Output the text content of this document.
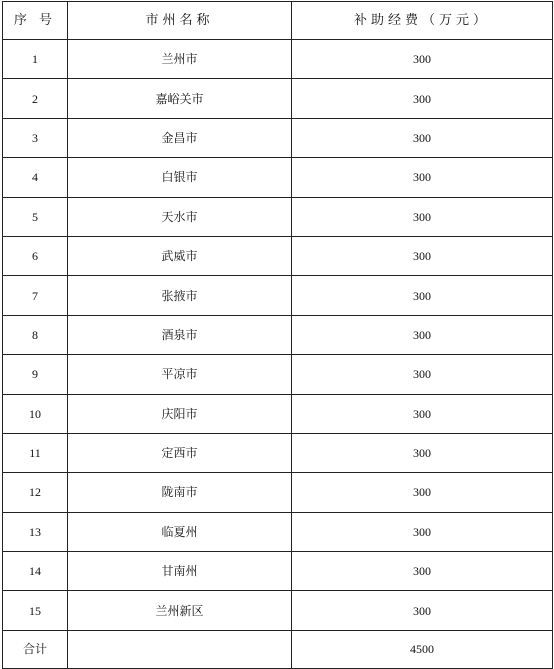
序 号	市州名称	补助经费（万元）
1	兰州市	300
2	嘉峪关市	300
3	金昌市	300
4	白银市	300
5	天水市	300
6	武威市	300
7	张掖市	300
8	酒泉市	300
9	平凉市	300
10	庆阳市	300
11	定西市	300
12	陇南市	300
13	临夏州	300
14	甘南州	300
15	兰州新区	300
合计		4500
